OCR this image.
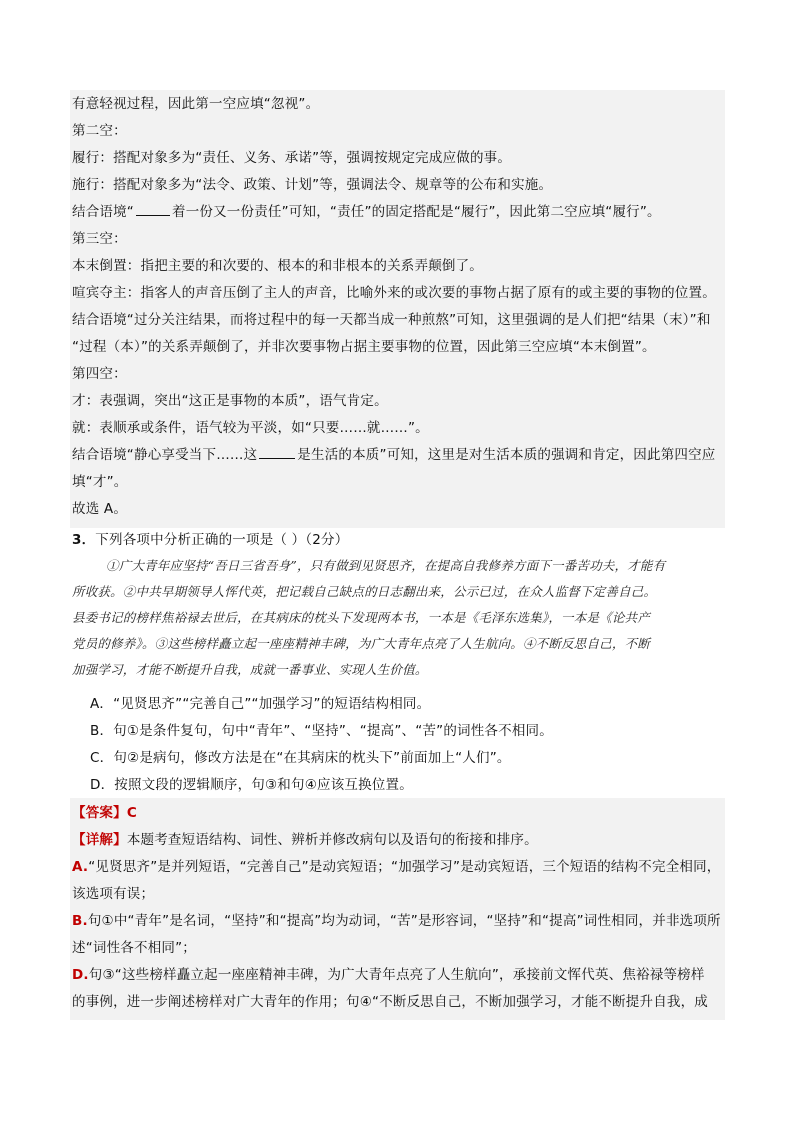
有意轻视过程，因此第一空应填“忽视”。
第二空：
履行：搭配对象多为“责任、义务、承诺”等，强调按规定完成应做的事。
施行：搭配对象多为“法令、政策、计划”等，强调法令、规章等的公布和实施。
结合语境“	着一份又一份责任”可知，“责任”的固定搭配是“履行”，因此第二空应填“履行”。
第三空：
本末倒置：指把主要的和次要的、根本的和非根本的关系弄颠倒了。
喧宾夺主：指客人的声音压倒了主人的声音，比喻外来的或次要的事物占据了原有的或主要的事物的位置。
结合语境“过分关注结果，而将过程中的每一天都当成一种煎熬”可知，这里强调的是人们把“结果（末）”和
“过程（本）”的关系弄颠倒了，并非次要事物占据主要事物的位置，因此第三空应填“本末倒置”。
第四空：
才：表强调，突出“这正是事物的本质”，语气肯定。
就：表顺承或条件，语气较为平淡，如“只要……就……”。
结合语境“静心享受当下……这	是生活的本质”可知，这里是对生活本质的强调和肯定，因此第四空应
填“才”。
故选 A。
3．下列各项中分析正确的一项是（ ）（2分）
①广大青年应坚持“吾日三省吾身”，只有做到见贤思齐，在提高自我修养方面下一番苦功夫，才能有
所收获。②中共早期领导人恽代英，把记载自己缺点的日志翻出来，公示已过，在众人监督下定善自己。
县委书记的榜样焦裕禄去世后，在其病床的枕头下发现两本书，一本是《毛泽东选集》，一本是《论共产
党员的修养》。③这些榜样矗立起一座座精神丰碑，为广大青年点亮了人生航向。④不断反思自己，不断
加强学习，才能不断提升自我，成就一番事业、实现人生价值。
A．“见贤思齐”“完善自己”“加强学习”的短语结构相同。
B．句①是条件复句，句中“青年”、“坚持”、“提高”、“苦”的词性各不相同。
C．句②是病句，修改方法是在“在其病床的枕头下”前面加上“人们”。
D．按照文段的逻辑顺序，句③和句④应该互换位置。
【答案】C
【详解】本题考查短语结构、词性、辨析并修改病句以及语句的衔接和排序。
A.“见贤思齐”是并列短语，“完善自己”是动宾短语；“加强学习”是动宾短语，三个短语的结构不完全相同，
该选项有误；
B.句①中“青年”是名词，“坚持”和“提高”均为动词，“苦”是形容词，“坚持”和“提高”词性相同，并非选项所
述“词性各不相同”；
D.句③“这些榜样矗立起一座座精神丰碑，为广大青年点亮了人生航向”，承接前文恽代英、焦裕禄等榜样
的事例，进一步阐述榜样对广大青年的作用；句④“不断反思自己，不断加强学习，才能不断提升自我，成
